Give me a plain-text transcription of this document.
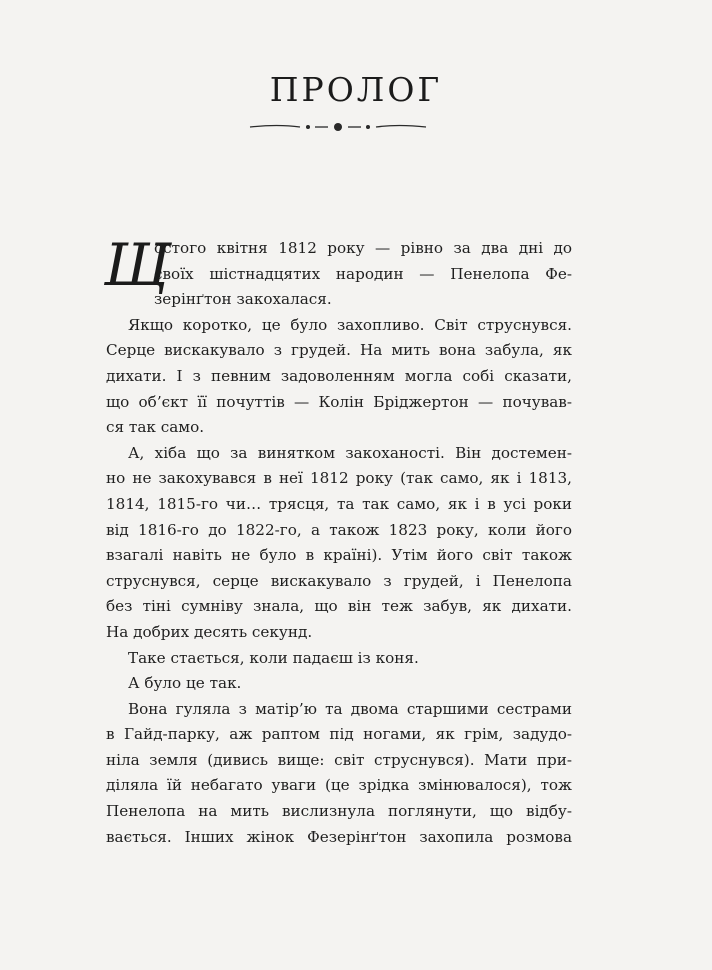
ПРОЛОГ
Щ
остого квітня 1812 року — рівно за два дні до
своїх шістнадцятих народин — Пенелопа Фе-
зерінґтон закохалася.
Якщо коротко, це було захопливо. Світ струснувся.
Серце вискакувало з грудей. На мить вона забула, як
дихати. І з певним задоволенням могла собі сказати,
що об’єкт її почуттів — Колін Бріджертон — почував-
ся так само.
А, хіба що за винятком закоханості. Він достемен-
но не закохувався в неї 1812 року (так само, як і 1813,
1814, 1815-го чи… трясця, та так само, як і в усі роки
від 1816-го до 1822-го, а також 1823 року, коли його
взагалі навіть не було в країні). Утім його світ також
струснувся, серце вискакувало з грудей, і Пенелопа
без тіні сумніву знала, що він теж забув, як дихати.
На добрих десять секунд.
Таке стається, коли падаєш із коня.
А було це так.
Вона гуляла з матір’ю та двома старшими сестрами
в Гайд-парку, аж раптом під ногами, як грім, задудо-
ніла земля (дивись вище: світ струснувся). Мати при-
діляла їй небагато уваги (це зрідка змінювалося), тож
Пенелопа на мить вислизнула поглянути, що відбу-
вається. Інших жінок Фезерінґтон захопила розмова
